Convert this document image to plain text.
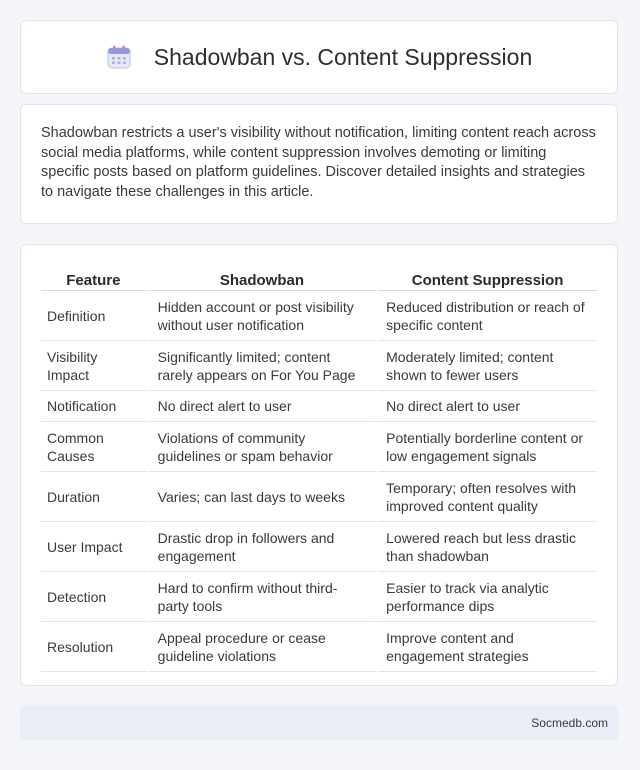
Shadowban vs. Content Suppression

Shadowban restricts a user's visibility without notification, limiting content reach across social media platforms, while content suppression involves demoting or limiting specific posts based on platform guidelines. Discover detailed insights and strategies to navigate these challenges in this article.

Feature	Shadowban	Content Suppression
Definition	Hidden account or post visibility without user notification	Reduced distribution or reach of specific content
Visibility Impact	Significantly limited; content rarely appears on For You Page	Moderately limited; content shown to fewer users
Notification	No direct alert to user	No direct alert to user
Common Causes	Violations of community guidelines or spam behavior	Potentially borderline content or low engagement signals
Duration	Varies; can last days to weeks	Temporary; often resolves with improved content quality
User Impact	Drastic drop in followers and engagement	Lowered reach but less drastic than shadowban
Detection	Hard to confirm without third-party tools	Easier to track via analytic performance dips
Resolution	Appeal procedure or cease guideline violations	Improve content and engagement strategies
Socmedb.com
